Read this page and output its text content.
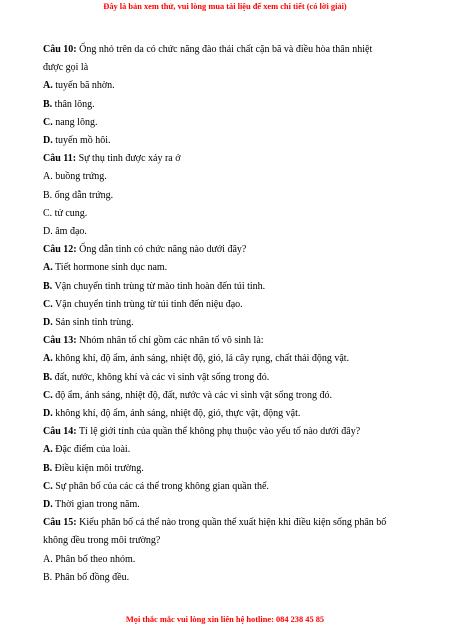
Đây là bản xem thử, vui lòng mua tài liệu để xem chi tiết (có lời giải)
Câu 10: Ống nhỏ trên da có chức năng đào thải chất cặn bã và điều hòa thân nhiệt
được gọi là
A. tuyến bã nhờn.
B. thân lông.
C. nang lông.
D. tuyến mồ hôi.
Câu 11: Sự thụ tinh được xảy ra ở
A. buồng trứng.
B. ống dẫn trứng.
C. tử cung.
D. âm đạo.
Câu 12: Ống dẫn tinh có chức năng nào dưới đây?
A. Tiết hormone sinh dục nam.
B. Vận chuyển tinh trùng từ mào tinh hoàn đến túi tinh.
C. Vận chuyển tinh trùng từ túi tinh đến niệu đạo.
D. Sản sinh tinh trùng.
Câu 13: Nhóm nhân tố chỉ gồm các nhân tố vô sinh là:
A. không khí, độ ẩm, ánh sáng, nhiệt độ, gió, lá cây rụng, chất thải động vật.
B. đất, nước, không khí và các vi sinh vật sống trong đó.
C. độ ẩm, ánh sáng, nhiệt độ, đất, nước và các vi sinh vật sống trong đó.
D. không khí, độ ẩm, ánh sáng, nhiệt độ, gió, thực vật, động vật.
Câu 14: Tỉ lệ giới tính của quần thể không phụ thuộc vào yếu tố nào dưới đây?
A. Đặc điểm của loài.
B. Điều kiện môi trường.
C. Sự phân bố của các cá thể trong không gian quần thể.
D. Thời gian trong năm.
Câu 15: Kiểu phân bố cá thể nào trong quần thể xuất hiện khi điều kiện sống phân bố
không đều trong môi trường?
A. Phân bố theo nhóm.
B. Phân bố đồng đều.
Mọi thắc mắc vui lòng xin liên hệ hotline: 084 238 45 85
